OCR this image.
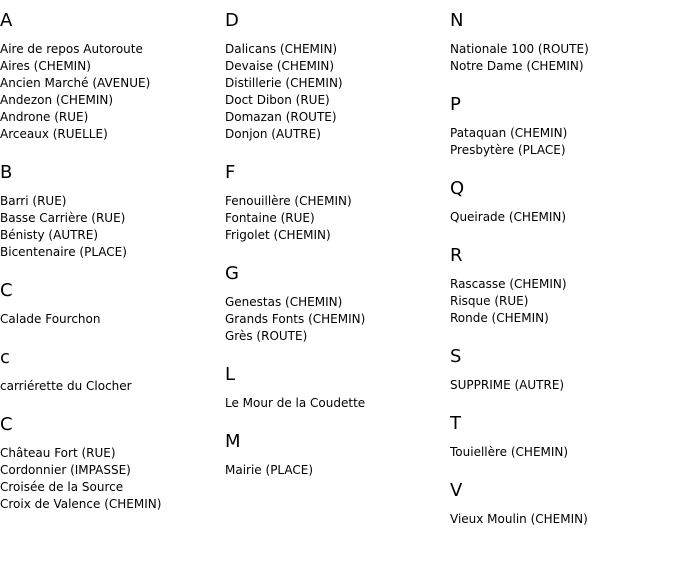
A
Aire de repos Autoroute
Aires (CHEMIN)
Ancien Marché (AVENUE)
Andezon (CHEMIN)
Androne (RUE)
Arceaux (RUELLE)
B
Barri (RUE)
Basse Carrière (RUE)
Bénisty (AUTRE)
Bicentenaire (PLACE)
C
Calade Fourchon
c
carriérette du Clocher
C
Château Fort (RUE)
Cordonnier (IMPASSE)
Croisée de la Source
Croix de Valence (CHEMIN)
D
Dalicans (CHEMIN)
Devaise (CHEMIN)
Distillerie (CHEMIN)
Doct Dibon (RUE)
Domazan (ROUTE)
Donjon (AUTRE)
F
Fenouillère (CHEMIN)
Fontaine (RUE)
Frigolet (CHEMIN)
G
Genestas (CHEMIN)
Grands Fonts (CHEMIN)
Grès (ROUTE)
L
Le Mour de la Coudette
M
Mairie (PLACE)
N
Nationale 100 (ROUTE)
Notre Dame (CHEMIN)
P
Pataquan (CHEMIN)
Presbytère (PLACE)
Q
Queirade (CHEMIN)
R
Rascasse (CHEMIN)
Risque (RUE)
Ronde (CHEMIN)
S
SUPPRIME (AUTRE)
T
Touiellère (CHEMIN)
V
Vieux Moulin (CHEMIN)
